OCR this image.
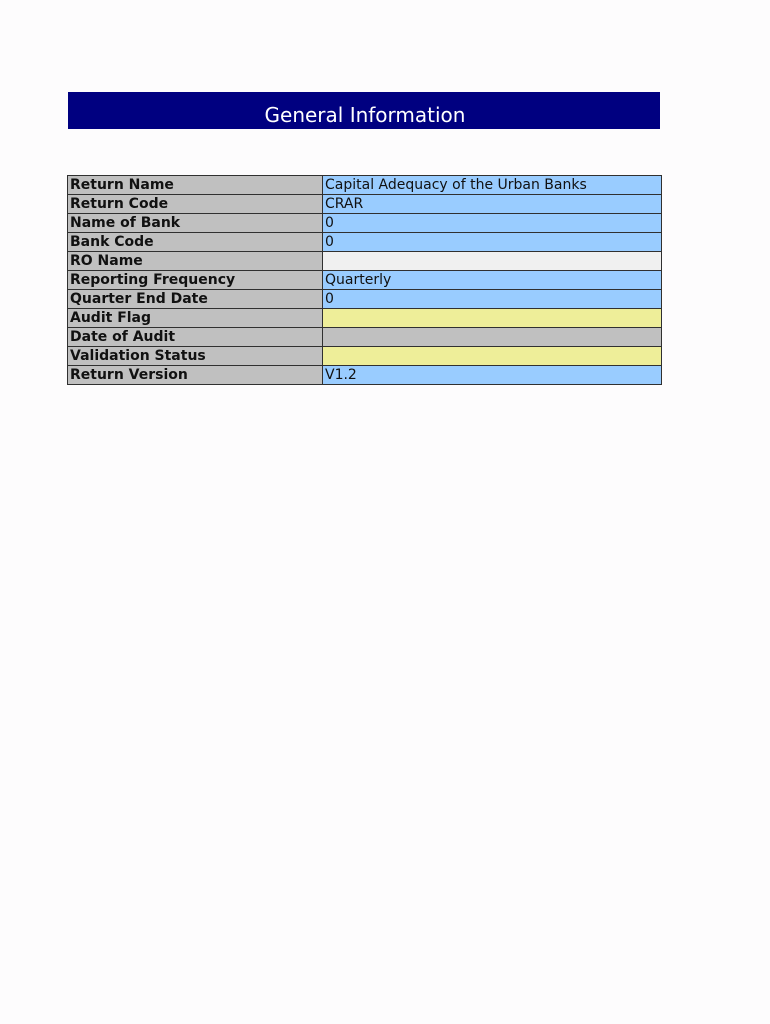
General Information
Return Name	Capital Adequacy of the Urban Banks
Return Code	CRAR
Name of Bank	0
Bank Code	0
RO Name	
Reporting Frequency	Quarterly
Quarter End Date	0
Audit Flag	
Date of Audit	
Validation Status	
Return Version	V1.2
